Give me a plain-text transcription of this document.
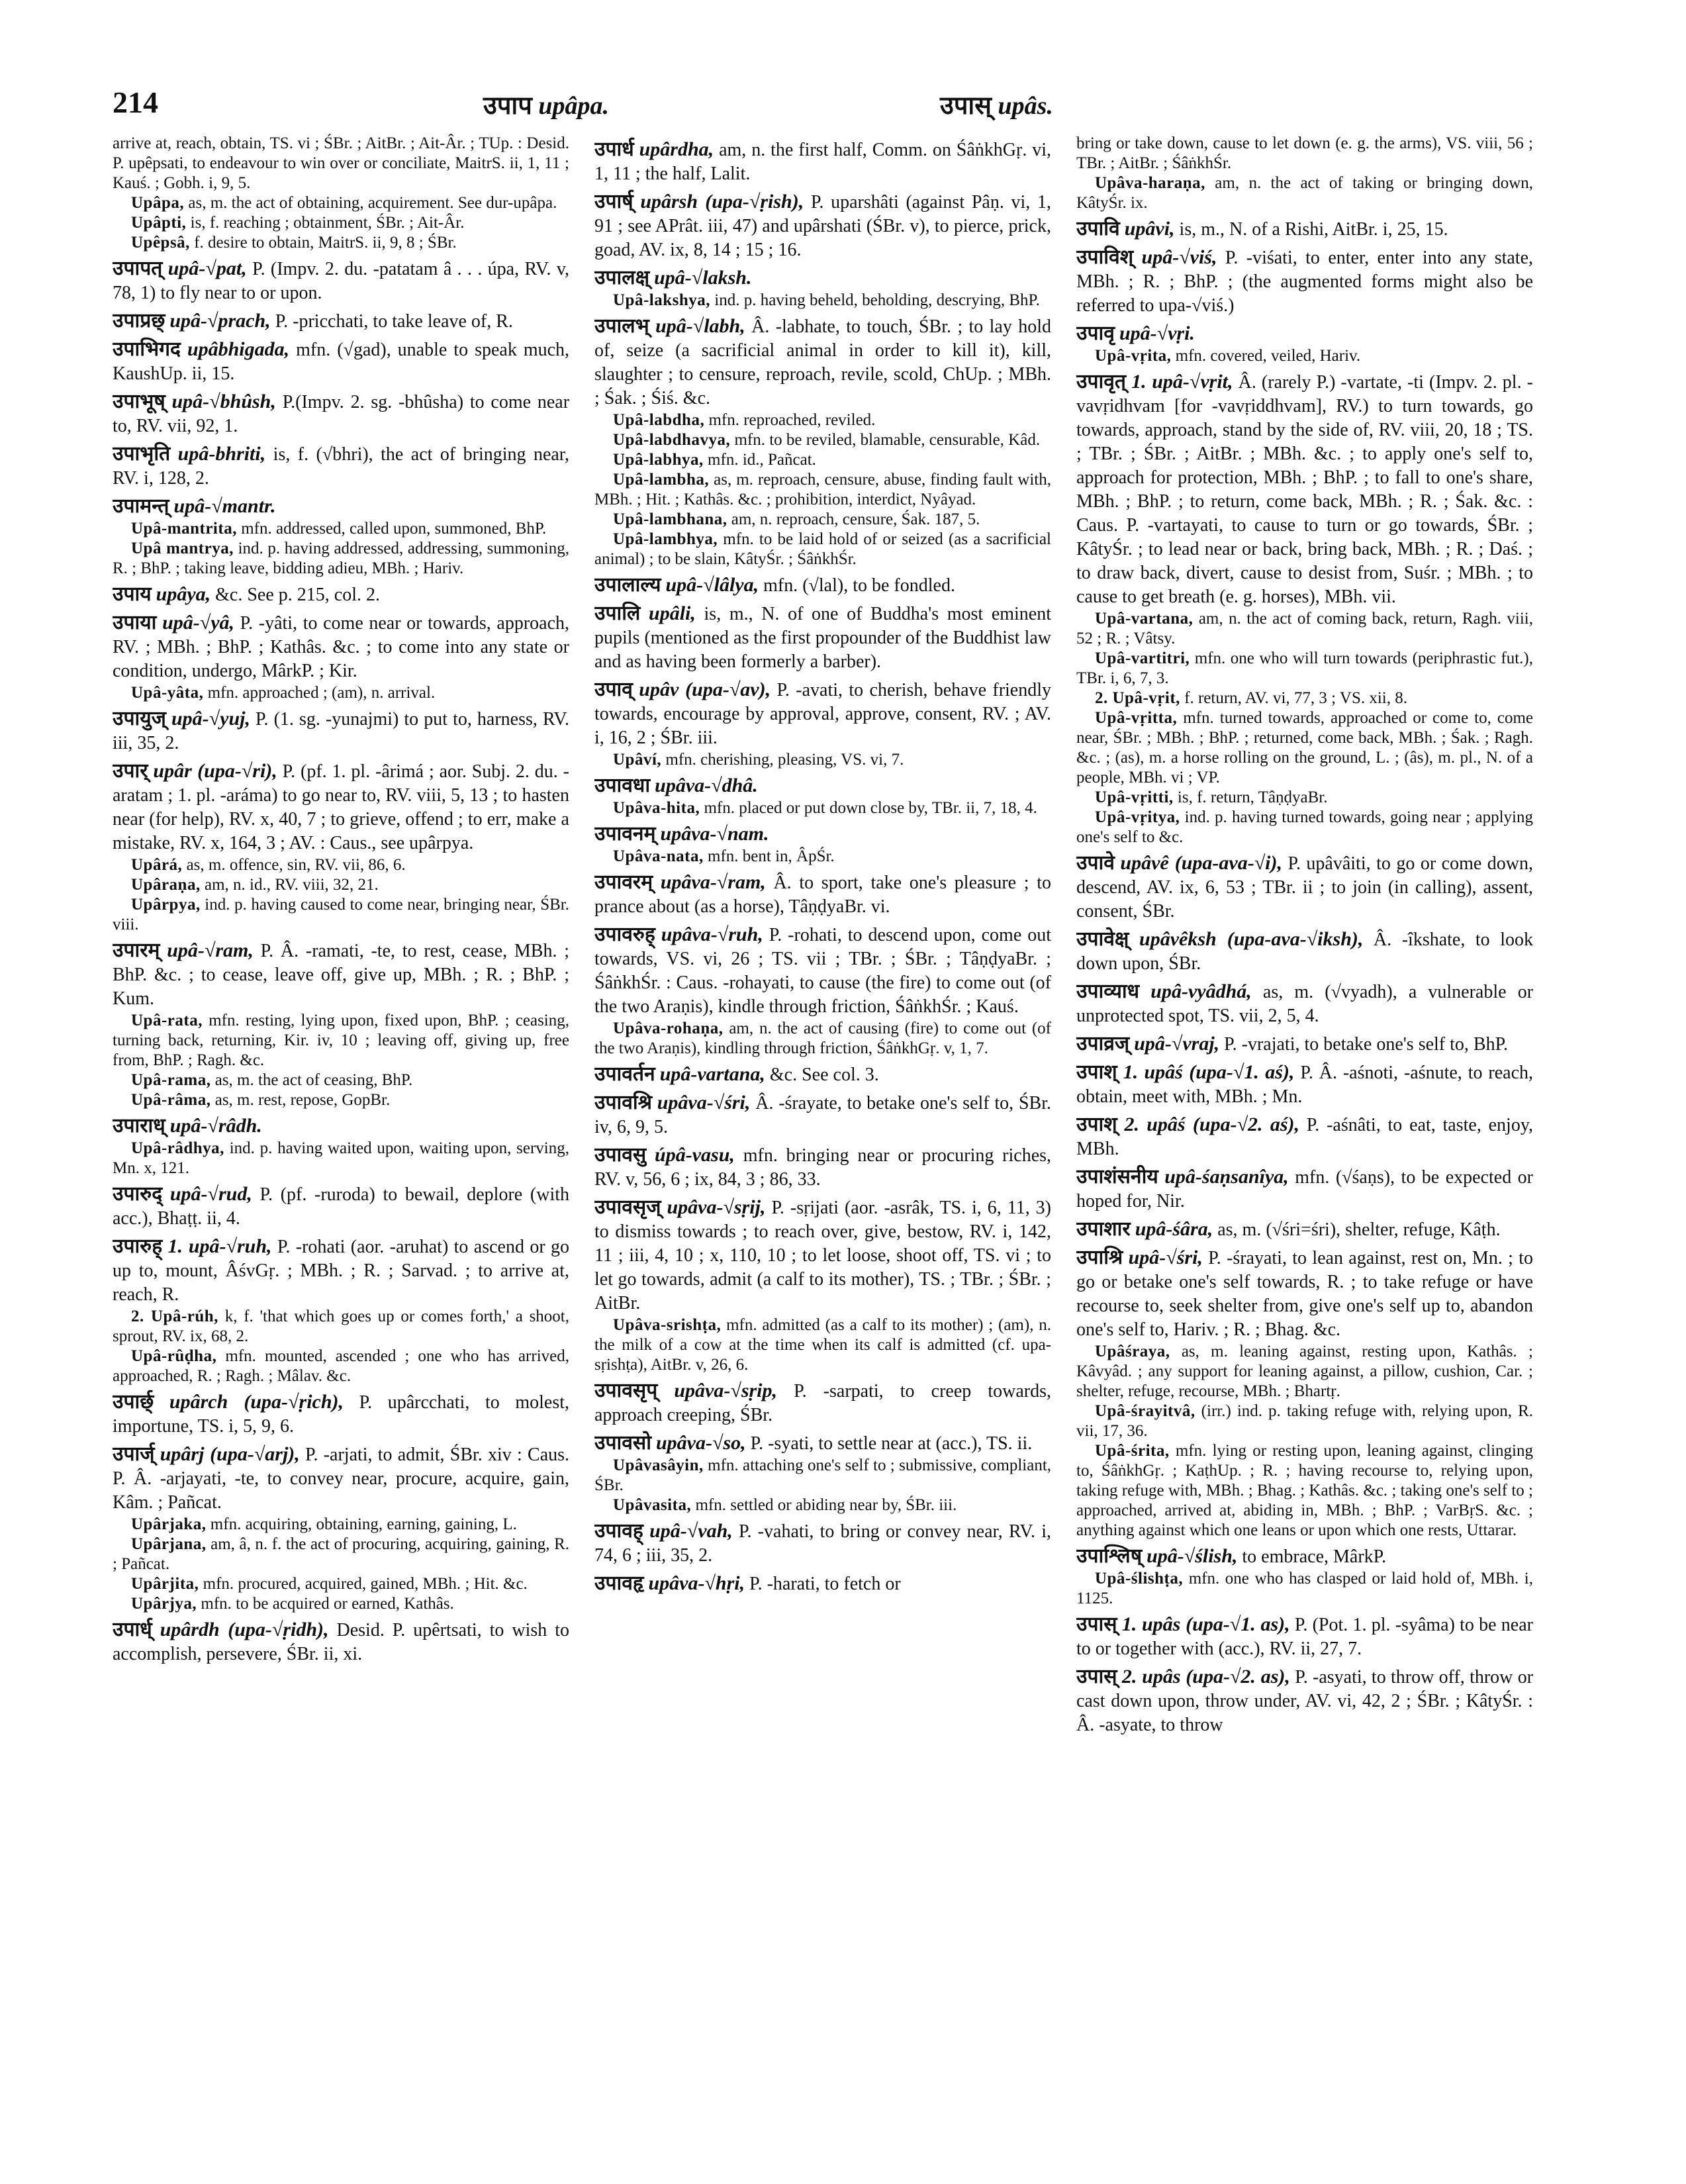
214	उपाप upâpa.	उपास् upâs.

arrive at, reach, obtain, TS. vi ; ŚBr. ; AitBr. ; Ait-Âr. ; TUp. : Desid. P. upêpsati, to endeavour to win over or conciliate, MaitrS. ii, 1, 11 ; Kauś. ; Gobh. i, 9, 5.

Upâpa, as, m. the act of obtaining, acquirement. See dur-upâpa.

Upâpti, is, f. reaching ; obtainment, ŚBr. ; Ait-Âr.

Upêpsâ, f. desire to obtain, MaitrS. ii, 9, 8 ; ŚBr.

उपापत् upâ-√pat, P. (Impv. 2. du. -patatam â . . . úpa, RV. v, 78, 1) to fly near to or upon.

उपाप्रछ् upâ-√prach, P. -pricchati, to take leave of, R.

उपाभिगद upâbhigada, mfn. (√gad), unable to speak much, KaushUp. ii, 15.

उपाभूष् upâ-√bhûsh, P.(Impv. 2. sg. -bhûsha) to come near to, RV. vii, 92, 1.

उपाभृति upâ-bhriti, is, f. (√bhri), the act of bringing near, RV. i, 128, 2.

उपामन्त् upâ-√mantr.

Upâ-mantrita, mfn. addressed, called upon, summoned, BhP.

Upâ mantrya, ind. p. having addressed, addressing, summoning, R. ; BhP. ; taking leave, bidding adieu, MBh. ; Hariv.

उपाय upâya, &c. See p. 215, col. 2.

उपाया upâ-√yâ, P. -yâti, to come near or towards, approach, RV. ; MBh. ; BhP. ; Kathâs. &c. ; to come into any state or condition, undergo, MârkP. ; Kir.

Upâ-yâta, mfn. approached ; (am), n. arrival.

उपायुज् upâ-√yuj, P. (1. sg. -yunajmi) to put to, harness, RV. iii, 35, 2.

उपार् upâr (upa-√ri), P. (pf. 1. pl. -ârimá ; aor. Subj. 2. du. -aratam ; 1. pl. -aráma) to go near to, RV. viii, 5, 13 ; to hasten near (for help), RV. x, 40, 7 ; to grieve, offend ; to err, make a mistake, RV. x, 164, 3 ; AV. : Caus., see upârpya.

Upârá, as, m. offence, sin, RV. vii, 86, 6.

Upâraṇa, am, n. id., RV. viii, 32, 21.

Upârpya, ind. p. having caused to come near, bringing near, ŚBr. viii.

उपारम् upâ-√ram, P. Â. -ramati, -te, to rest, cease, MBh. ; BhP. &c. ; to cease, leave off, give up, MBh. ; R. ; BhP. ; Kum.

Upâ-rata, mfn. resting, lying upon, fixed upon, BhP. ; ceasing, turning back, returning, Kir. iv, 10 ; leaving off, giving up, free from, BhP. ; Ragh. &c.

Upâ-rama, as, m. the act of ceasing, BhP.

Upâ-râma, as, m. rest, repose, GopBr.

उपाराध् upâ-√râdh.

Upâ-râdhya, ind. p. having waited upon, waiting upon, serving, Mn. x, 121.

उपारुद् upâ-√rud, P. (pf. -ruroda) to bewail, deplore (with acc.), Bhaṭṭ. ii, 4.

उपारुह् 1. upâ-√ruh, P. -rohati (aor. -aruhat) to ascend or go up to, mount, ÂśvGṛ. ; MBh. ; R. ; Sarvad. ; to arrive at, reach, R.

2. Upâ-rúh, k, f. 'that which goes up or comes forth,' a shoot, sprout, RV. ix, 68, 2.

Upâ-rûḍha, mfn. mounted, ascended ; one who has arrived, approached, R. ; Ragh. ; Mâlav. &c.

उपार्छ् upârch (upa-√ṛich), P. upârcchati, to molest, importune, TS. i, 5, 9, 6.

उपार्ज् upârj (upa-√arj), P. -arjati, to admit, ŚBr. xiv : Caus. P. Â. -arjayati, -te, to convey near, procure, acquire, gain, Kâm. ; Pañcat.

Upârjaka, mfn. acquiring, obtaining, earning, gaining, L.

Upârjana, am, â, n. f. the act of procuring, acquiring, gaining, R. ; Pañcat.

Upârjita, mfn. procured, acquired, gained, MBh. ; Hit. &c.

Upârjya, mfn. to be acquired or earned, Kathâs.

उपार्ध् upârdh (upa-√ṛidh), Desid. P. upêrtsati, to wish to accomplish, persevere, ŚBr. ii, xi.

उपार्ध upârdha, am, n. the first half, Comm. on ŚâṅkhGṛ. vi, 1, 11 ; the half, Lalit.

उपार्ष् upârsh (upa-√ṛish), P. uparshâti (against Pâṇ. vi, 1, 91 ; see APrât. iii, 47) and upârshati (ŚBr. v), to pierce, prick, goad, AV. ix, 8, 14 ; 15 ; 16.

उपालक्ष् upâ-√laksh.

Upâ-lakshya, ind. p. having beheld, beholding, descrying, BhP.

उपालभ् upâ-√labh, Â. -labhate, to touch, ŚBr. ; to lay hold of, seize (a sacrificial animal in order to kill it), kill, slaughter ; to censure, reproach, revile, scold, ChUp. ; MBh. ; Śak. ; Śiś. &c.

Upâ-labdha, mfn. reproached, reviled.

Upâ-labdhavya, mfn. to be reviled, blamable, censurable, Kâd.

Upâ-labhya, mfn. id., Pañcat.

Upâ-lambha, as, m. reproach, censure, abuse, finding fault with, MBh. ; Hit. ; Kathâs. &c. ; prohibition, interdict, Nyâyad.

Upâ-lambhana, am, n. reproach, censure, Śak. 187, 5.

Upâ-lambhya, mfn. to be laid hold of or seized (as a sacrificial animal) ; to be slain, KâtyŚr. ; ŚâṅkhŚr.

उपालाल्य upâ-√lâlya, mfn. (√lal), to be fondled.

उपालि upâli, is, m., N. of one of Buddha's most eminent pupils (mentioned as the first propounder of the Buddhist law and as having been formerly a barber).

उपाव् upâv (upa-√av), P. -avati, to cherish, behave friendly towards, encourage by approval, approve, consent, RV. ; AV. i, 16, 2 ; ŚBr. iii.

Upâví, mfn. cherishing, pleasing, VS. vi, 7.

उपावधा upâva-√dhâ.

Upâva-hita, mfn. placed or put down close by, TBr. ii, 7, 18, 4.

उपावनम् upâva-√nam.

Upâva-nata, mfn. bent in, ÂpŚr.

उपावरम् upâva-√ram, Â. to sport, take one's pleasure ; to prance about (as a horse), TâṇḍyaBr. vi.

उपावरुह् upâva-√ruh, P. -rohati, to descend upon, come out towards, VS. vi, 26 ; TS. vii ; TBr. ; ŚBr. ; TâṇḍyaBr. ; ŚâṅkhŚr. : Caus. -rohayati, to cause (the fire) to come out (of the two Araṇis), kindle through friction, ŚâṅkhŚr. ; Kauś.

Upâva-rohaṇa, am, n. the act of causing (fire) to come out (of the two Araṇis), kindling through friction, ŚâṅkhGṛ. v, 1, 7.

उपावर्तन upâ-vartana, &c. See col. 3.

उपावश्रि upâva-√śri, Â. -śrayate, to betake one's self to, ŚBr. iv, 6, 9, 5.

उपावसु úpâ-vasu, mfn. bringing near or procuring riches, RV. v, 56, 6 ; ix, 84, 3 ; 86, 33.

उपावसृज् upâva-√sṛij, P. -sṛijati (aor. -asrâk, TS. i, 6, 11, 3) to dismiss towards ; to reach over, give, bestow, RV. i, 142, 11 ; iii, 4, 10 ; x, 110, 10 ; to let loose, shoot off, TS. vi ; to let go towards, admit (a calf to its mother), TS. ; TBr. ; ŚBr. ; AitBr.

Upâva-srishṭa, mfn. admitted (as a calf to its mother) ; (am), n. the milk of a cow at the time when its calf is admitted (cf. upa-sṛishṭa), AitBr. v, 26, 6.

उपावसृप् upâva-√sṛip, P. -sarpati, to creep towards, approach creeping, ŚBr.

उपावसो upâva-√so, P. -syati, to settle near at (acc.), TS. ii.

Upâvasâyin, mfn. attaching one's self to ; submissive, compliant, ŚBr.

Upâvasita, mfn. settled or abiding near by, ŚBr. iii.

उपावह् upâ-√vah, P. -vahati, to bring or convey near, RV. i, 74, 6 ; iii, 35, 2.

उपावहृ upâva-√hṛi, P. -harati, to fetch or

bring or take down, cause to let down (e. g. the arms), VS. viii, 56 ; TBr. ; AitBr. ; ŚâṅkhŚr.

Upâva-haraṇa, am, n. the act of taking or bringing down, KâtyŚr. ix.

उपावि upâvi, is, m., N. of a Rishi, AitBr. i, 25, 15.

उपाविश् upâ-√viś, P. -viśati, to enter, enter into any state, MBh. ; R. ; BhP. ; (the augmented forms might also be referred to upa-√viś.)

उपावृ upâ-√vṛi.

Upâ-vṛita, mfn. covered, veiled, Hariv.

उपावृत् 1. upâ-√vṛit, Â. (rarely P.) -vartate, -ti (Impv. 2. pl. -vavṛidhvam [for -vavṛiddhvam], RV.) to turn towards, go towards, approach, stand by the side of, RV. viii, 20, 18 ; TS. ; TBr. ; ŚBr. ; AitBr. ; MBh. &c. ; to apply one's self to, approach for protection, MBh. ; BhP. ; to fall to one's share, MBh. ; BhP. ; to return, come back, MBh. ; R. ; Śak. &c. : Caus. P. -vartayati, to cause to turn or go towards, ŚBr. ; KâtyŚr. ; to lead near or back, bring back, MBh. ; R. ; Daś. ; to draw back, divert, cause to desist from, Suśr. ; MBh. ; to cause to get breath (e. g. horses), MBh. vii.

Upâ-vartana, am, n. the act of coming back, return, Ragh. viii, 52 ; R. ; Vâtsy.

Upâ-vartitri, mfn. one who will turn towards (periphrastic fut.), TBr. i, 6, 7, 3.

2. Upâ-vṛit, f. return, AV. vi, 77, 3 ; VS. xii, 8.

Upâ-vṛitta, mfn. turned towards, approached or come to, come near, ŚBr. ; MBh. ; BhP. ; returned, come back, MBh. ; Śak. ; Ragh. &c. ; (as), m. a horse rolling on the ground, L. ; (âs), m. pl., N. of a people, MBh. vi ; VP.

Upâ-vṛitti, is, f. return, TâṇḍyaBr.

Upâ-vṛitya, ind. p. having turned towards, going near ; applying one's self to &c.

उपावे upâvê (upa-ava-√i), P. upâvâiti, to go or come down, descend, AV. ix, 6, 53 ; TBr. ii ; to join (in calling), assent, consent, ŚBr.

उपावेक्ष् upâvêksh (upa-ava-√iksh), Â. -îkshate, to look down upon, ŚBr.

उपाव्याध upâ-vyâdhá, as, m. (√vyadh), a vulnerable or unprotected spot, TS. vii, 2, 5, 4.

उपाव्रज् upâ-√vraj, P. -vrajati, to betake one's self to, BhP.

उपाश् 1. upâś (upa-√1. aś), P. Â. -aśnoti, -aśnute, to reach, obtain, meet with, MBh. ; Mn.

उपाश् 2. upâś (upa-√2. aś), P. -aśnâti, to eat, taste, enjoy, MBh.

उपाशंसनीय upâ-śaṇsanîya, mfn. (√śaṇs), to be expected or hoped for, Nir.

उपाशार upâ-śâra, as, m. (√śri=śri), shelter, refuge, Kâṭh.

उपाश्रि upâ-√śri, P. -śrayati, to lean against, rest on, Mn. ; to go or betake one's self towards, R. ; to take refuge or have recourse to, seek shelter from, give one's self up to, abandon one's self to, Hariv. ; R. ; Bhag. &c.

Upâśraya, as, m. leaning against, resting upon, Kathâs. ; Kâvyâd. ; any support for leaning against, a pillow, cushion, Car. ; shelter, refuge, recourse, MBh. ; Bhartṛ.

Upâ-śrayitvâ, (irr.) ind. p. taking refuge with, relying upon, R. vii, 17, 36.

Upâ-śrita, mfn. lying or resting upon, leaning against, clinging to, ŚâṅkhGṛ. ; KaṭhUp. ; R. ; having recourse to, relying upon, taking refuge with, MBh. ; Bhag. ; Kathâs. &c. ; taking one's self to ; approached, arrived at, abiding in, MBh. ; BhP. ; VarBṛS. &c. ; anything against which one leans or upon which one rests, Uttarar.

उपाश्लिष् upâ-√ślish, to embrace, MârkP.

Upâ-ślishṭa, mfn. one who has clasped or laid hold of, MBh. i, 1125.

उपास् 1. upâs (upa-√1. as), P. (Pot. 1. pl. -syâma) to be near to or together with (acc.), RV. ii, 27, 7.

उपास् 2. upâs (upa-√2. as), P. -asyati, to throw off, throw or cast down upon, throw under, AV. vi, 42, 2 ; ŚBr. ; KâtyŚr. : Â. -asyate, to throw
